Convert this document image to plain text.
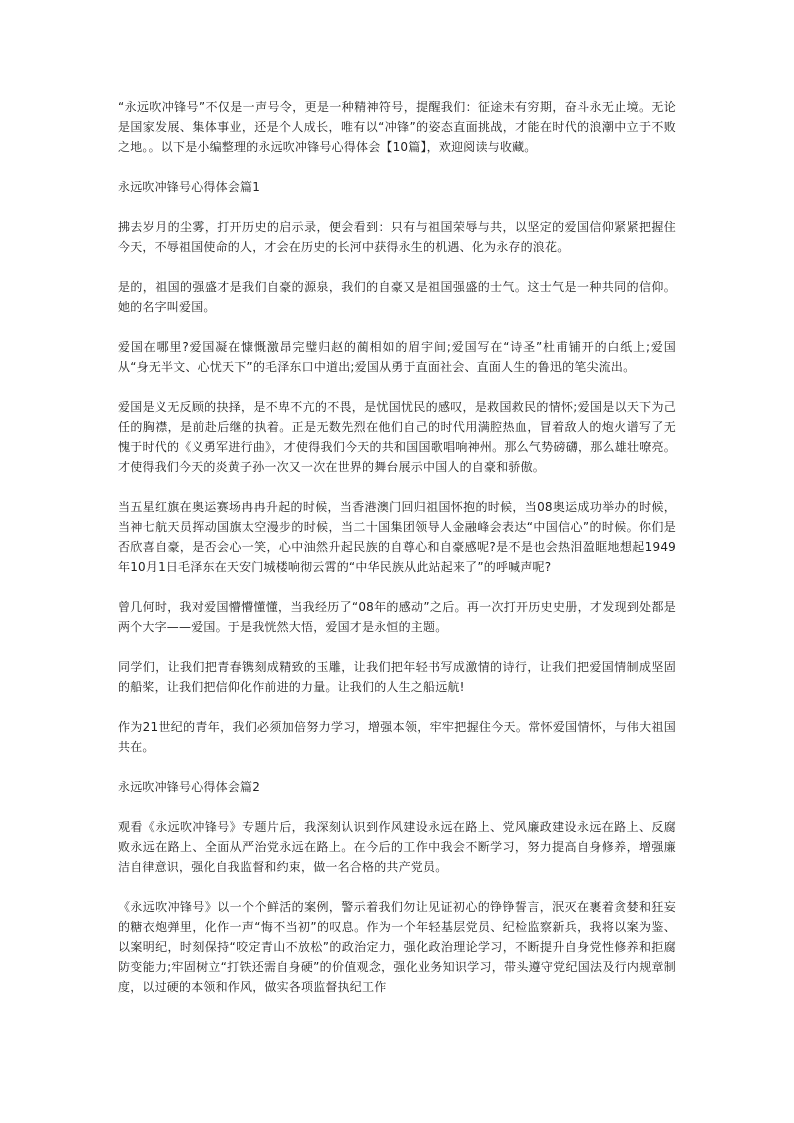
“永远吹冲锋号”不仅是一声号令，更是一种精神符号，提醒我们：征途未有穷期，奋斗永无止境。无论是国家发展、集体事业，还是个人成长，唯有以“冲锋”的姿态直面挑战，才能在时代的浪潮中立于不败之地。。以下是小编整理的永远吹冲锋号心得体会【10篇】，欢迎阅读与收藏。

永远吹冲锋号心得体会篇1

拂去岁月的尘雾，打开历史的启示录，便会看到：只有与祖国荣辱与共，以坚定的爱国信仰紧紧把握住今天，不辱祖国使命的人，才会在历史的长河中获得永生的机遇、化为永存的浪花。

是的，祖国的强盛才是我们自豪的源泉，我们的自豪又是祖国强盛的士气。这士气是一种共同的信仰。她的名字叫爱国。

爱国在哪里?爱国凝在慷慨激昂完璧归赵的蔺相如的眉宇间;爱国写在“诗圣”杜甫铺开的白纸上;爱国从“身无半文、心忧天下”的毛泽东口中道出;爱国从勇于直面社会、直面人生的鲁迅的笔尖流出。

爱国是义无反顾的抉择，是不卑不亢的不畏，是忧国忧民的感叹，是救国救民的情怀;爱国是以天下为己任的胸襟，是前赴后继的执着。正是无数先烈在他们自己的时代用满腔热血，冒着敌人的炮火谱写了无愧于时代的《义勇军进行曲》，才使得我们今天的共和国国歌唱响神州。那么气势磅礴，那么雄壮嘹亮。才使得我们今天的炎黄子孙一次又一次在世界的舞台展示中国人的自豪和骄傲。

当五星红旗在奥运赛场冉冉升起的时候，当香港澳门回归祖国怀抱的时候，当08奥运成功举办的时候，当神七航天员挥动国旗太空漫步的时候，当二十国集团领导人金融峰会表达“中国信心”的时候。你们是否欣喜自豪，是否会心一笑，心中油然升起民族的自尊心和自豪感呢?是不是也会热泪盈眶地想起1949年10月1日毛泽东在天安门城楼响彻云霄的“中华民族从此站起来了”的呼喊声呢?

曾几何时，我对爱国懵懵懂懂，当我经历了“08年的感动”之后。再一次打开历史史册，才发现到处都是两个大字——爱国。于是我恍然大悟，爱国才是永恒的主题。

同学们，让我们把青春镌刻成精致的玉雕，让我们把年轻书写成激情的诗行，让我们把爱国情制成坚固的船桨，让我们把信仰化作前进的力量。让我们的人生之船远航!

作为21世纪的青年，我们必须加倍努力学习，增强本领，牢牢把握住今天。常怀爱国情怀，与伟大祖国共在。

永远吹冲锋号心得体会篇2

观看《永远吹冲锋号》专题片后，我深刻认识到作风建设永远在路上、党风廉政建设永远在路上、反腐败永远在路上、全面从严治党永远在路上。在今后的工作中我会不断学习，努力提高自身修养，增强廉洁自律意识，强化自我监督和约束，做一名合格的共产党员。

《永远吹冲锋号》以一个个鲜活的案例，警示着我们勿让见证初心的铮铮誓言，泯灭在裹着贪婪和狂妄的糖衣炮弹里，化作一声“悔不当初”的叹息。作为一个年轻基层党员、纪检监察新兵，我将以案为鉴、以案明纪，时刻保持“咬定青山不放松”的政治定力，强化政治理论学习，不断提升自身党性修养和拒腐防变能力;牢固树立“打铁还需自身硬”的价值观念，强化业务知识学习，带头遵守党纪国法及行内规章制度，以过硬的本领和作风，做实各项监督执纪工作
